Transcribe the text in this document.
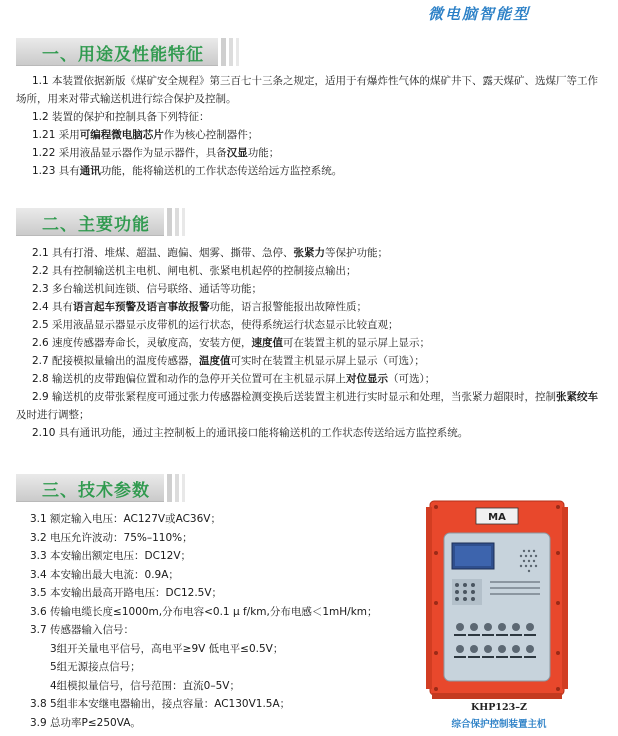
微电脑智能型
一、用途及性能特征

1.1 本装置依据新版《煤矿安全规程》第三百七十三条之规定，适用于有爆炸性气体的煤矿井下、露天煤矿、选煤厂等工作场所，用来对带式输送机进行综合保护及控制。

1.2 装置的保护和控制具备下列特征：

1.21 采用可编程微电脑芯片作为核心控制器件；

1.22 采用液晶显示器作为显示器件，具备汉显功能；

1.23 具有通讯功能，能将输送机的工作状态传送给远方监控系统。

二、主要功能

2.1 具有打滑、堆煤、超温、跑偏、烟雾、撕带、急停、张紧力等保护功能；

2.2 具有控制输送机主电机、闸电机、张紧电机起停的控制接点输出；

2.3 多台输送机间连锁、信号联络、通话等功能；

2.4 具有语言起车预警及语言事故报警功能，语言报警能报出故障性质；

2.5 采用液晶显示器显示皮带机的运行状态，使得系统运行状态显示比较直观；

2.6 速度传感器寿命长，灵敏度高，安装方便，速度值可在装置主机的显示屏上显示；

2.7 配接模拟量输出的温度传感器，温度值可实时在装置主机显示屏上显示（可选）；

2.8 输送机的皮带跑偏位置和动作的急停开关位置可在主机显示屏上对位显示（可选）；

2.9 输送机的皮带张紧程度可通过张力传感器检测变换后送装置主机进行实时显示和处理，当张紧力超限时，控制张紧绞车及时进行调整；

2.10 具有通讯功能，通过主控制板上的通讯接口能将输送机的工作状态传送给远方监控系统。

三、技术参数
3.1 额定输入电压：AC127V或AC36V；
3.2 电压允许波动：75%–110%；
3.3 本安输出额定电压：DC12V；
3.4 本安输出最大电流：0.9A；
3.5 本安输出最高开路电压：DC12.5V；
3.6 传输电缆长度≤1000m,分布电容<0.1 μ f/km,分布电感＜1mH/km；
3.7 传感器输入信号：
3组开关量电平信号，高电平≥9V 低电平≤0.5V；
5组无源接点信号；
4组模拟量信号，信号范围：直流0–5V；
3.8 5组非本安继电器输出，接点容量：AC130V1.5A；
3.9 总功率P≤250VA。
MA
KHP123–Z
综合保护控制装置主机
